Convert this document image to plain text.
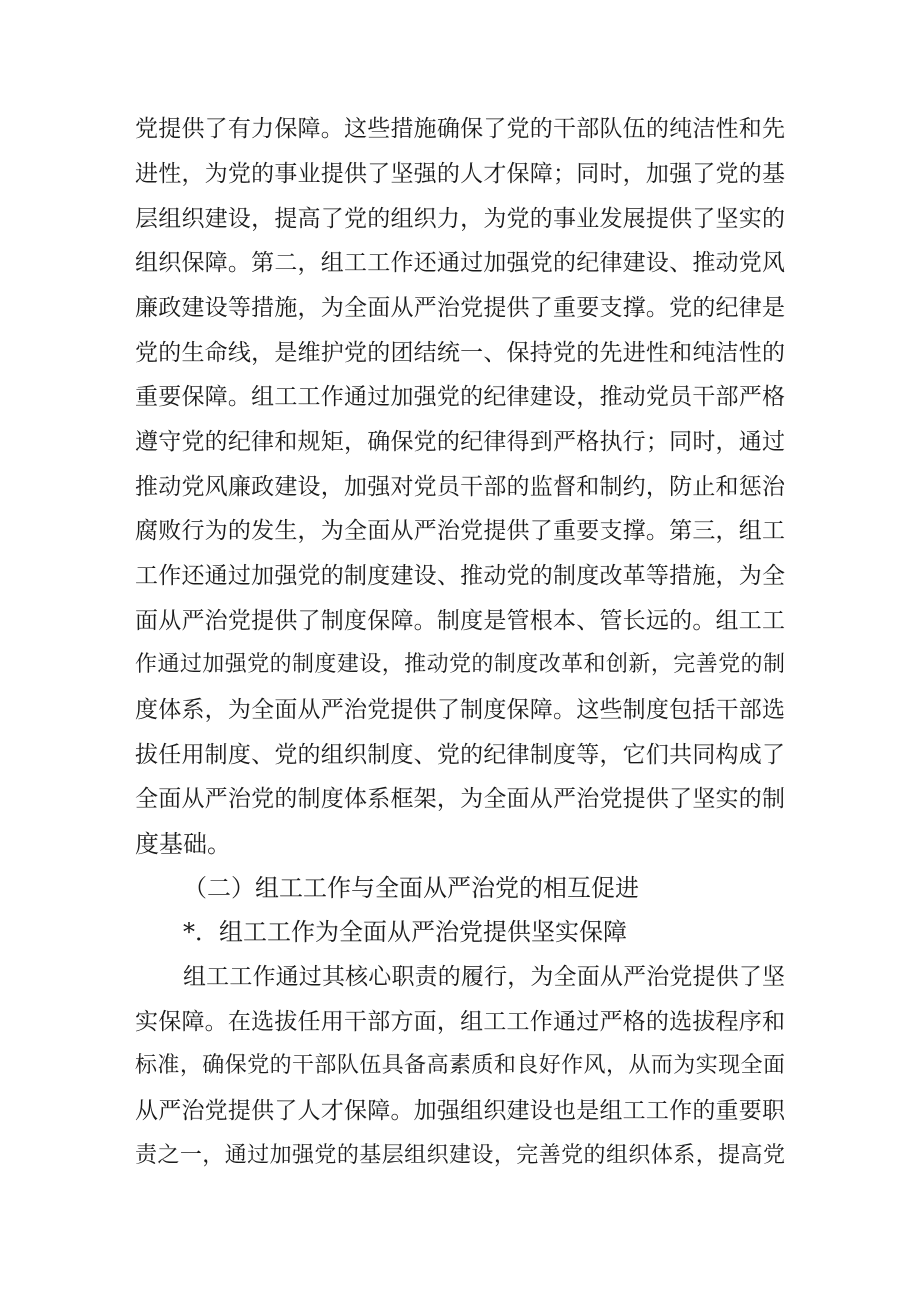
党提供了有力保障。这些措施确保了党的干部队伍的纯洁性和先
进性，为党的事业提供了坚强的人才保障；同时，加强了党的基
层组织建设，提高了党的组织力，为党的事业发展提供了坚实的
组织保障。第二，组工工作还通过加强党的纪律建设、推动党风
廉政建设等措施，为全面从严治党提供了重要支撑。党的纪律是
党的生命线，是维护党的团结统一、保持党的先进性和纯洁性的
重要保障。组工工作通过加强党的纪律建设，推动党员干部严格
遵守党的纪律和规矩，确保党的纪律得到严格执行；同时，通过
推动党风廉政建设，加强对党员干部的监督和制约，防止和惩治
腐败行为的发生，为全面从严治党提供了重要支撑。第三，组工
工作还通过加强党的制度建设、推动党的制度改革等措施，为全
面从严治党提供了制度保障。制度是管根本、管长远的。组工工
作通过加强党的制度建设，推动党的制度改革和创新，完善党的制
度体系，为全面从严治党提供了制度保障。这些制度包括干部选
拔任用制度、党的组织制度、党的纪律制度等，它们共同构成了
全面从严治党的制度体系框架，为全面从严治党提供了坚实的制
度基础。
（二）组工工作与全面从严治党的相互促进
*．组工工作为全面从严治党提供坚实保障
组工工作通过其核心职责的履行，为全面从严治党提供了坚
实保障。在选拔任用干部方面，组工工作通过严格的选拔程序和
标准，确保党的干部队伍具备高素质和良好作风，从而为实现全面
从严治党提供了人才保障。加强组织建设也是组工工作的重要职
责之一，通过加强党的基层组织建设，完善党的组织体系，提高党
